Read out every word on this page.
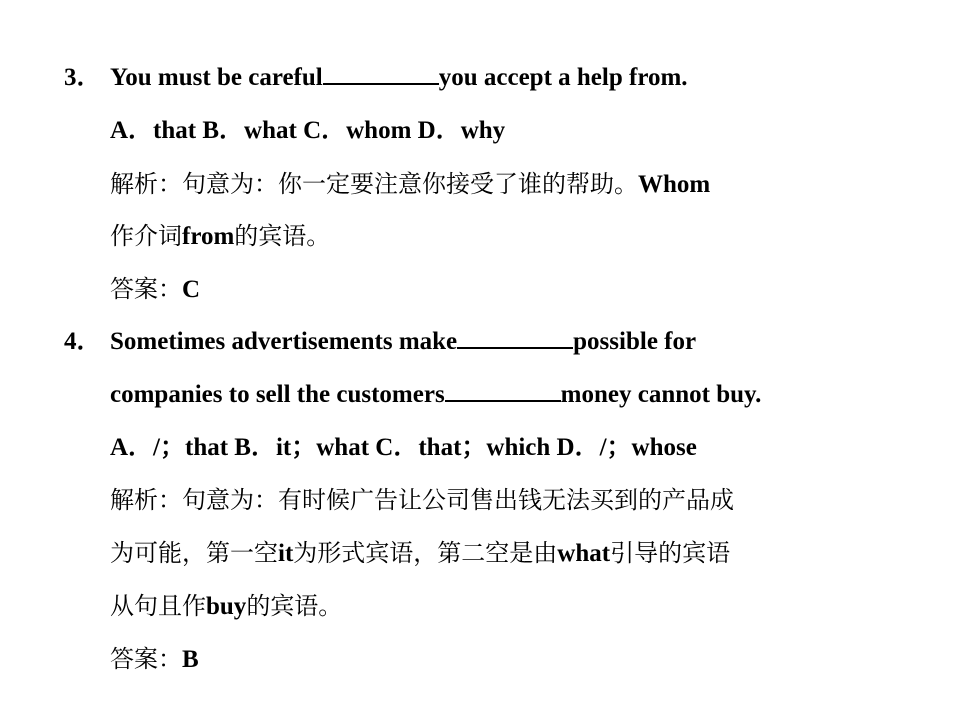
3． You must be careful	you accept a help from.
A．that B．what C．whom D．why
解析：句意为：你一定要注意你接受了谁的帮助。Whom
作介词from的宾语。
答案：C
4． Sometimes advertisements make	possible for
companies to sell the customers	money cannot buy.
A．/；that B．it；what C．that；which D．/；whose
解析：句意为：有时候广告让公司售出钱无法买到的产品成
为可能，第一空it为形式宾语，第二空是由what引导的宾语
从句且作buy的宾语。
答案：B
